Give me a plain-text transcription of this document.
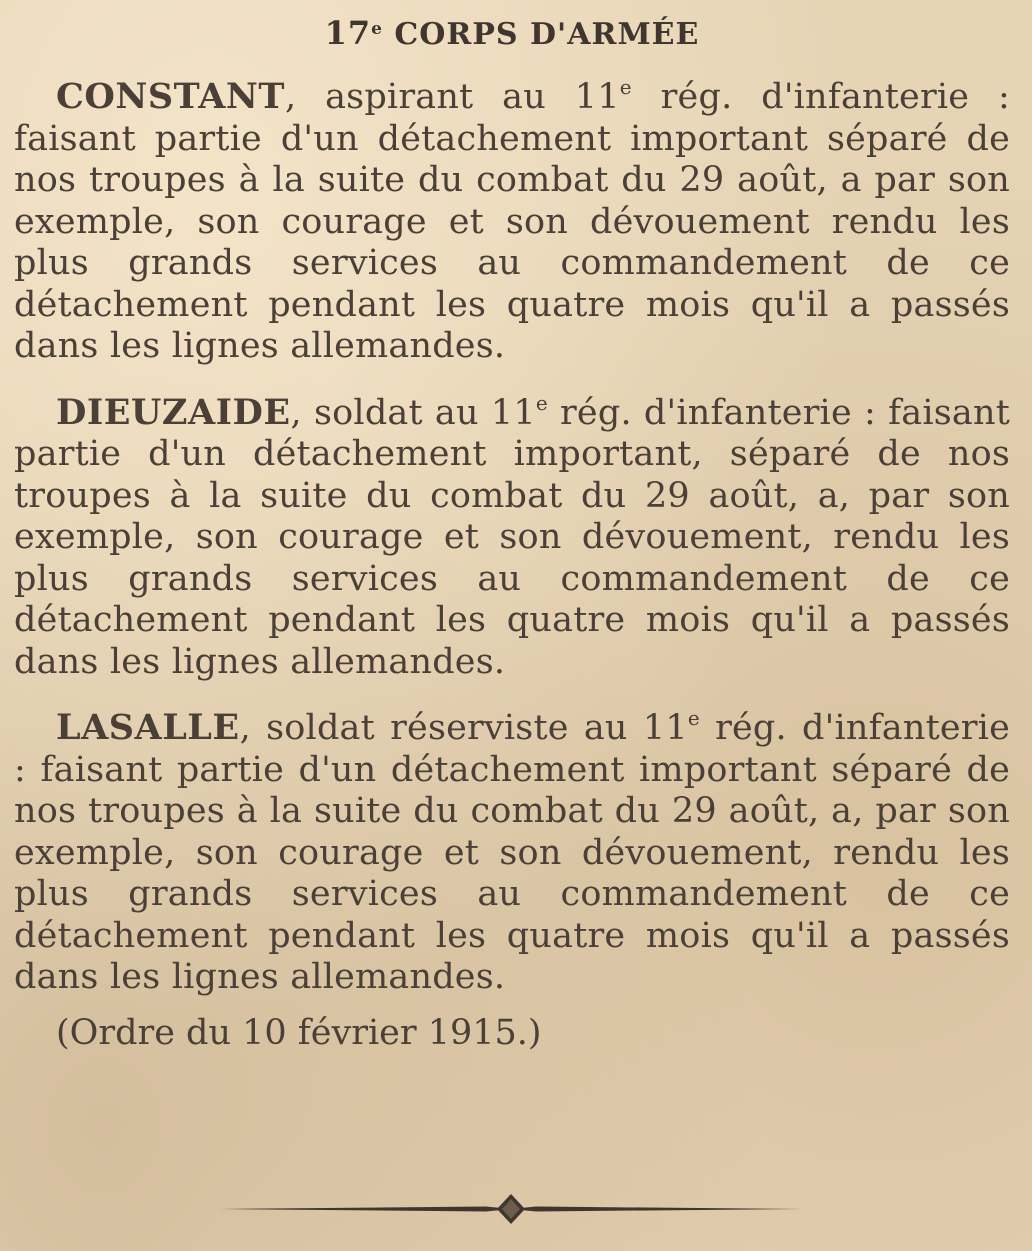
17e CORPS D'ARMÉE

CONSTANT, aspirant au 11e rég. d'infanterie : faisant partie d'un détachement important séparé de nos troupes à la suite du combat du 29 août, a par son exemple, son courage et son dévouement rendu les plus grands services au commandement de ce détachement pendant les quatre mois qu'il a passés dans les lignes allemandes.

DIEUZAIDE, soldat au 11e rég. d'infanterie : faisant partie d'un détachement important, séparé de nos troupes à la suite du combat du 29 août, a, par son exemple, son courage et son dévouement, rendu les plus grands services au commandement de ce détachement pendant les quatre mois qu'il a passés dans les lignes allemandes.

LASALLE, soldat réserviste au 11e rég. d'infanterie : faisant partie d'un détachement important séparé de nos troupes à la suite du combat du 29 août, a, par son exemple, son courage et son dévouement, rendu les plus grands services au commandement de ce détachement pendant les quatre mois qu'il a passés dans les lignes allemandes.

(Ordre du 10 février 1915.)
